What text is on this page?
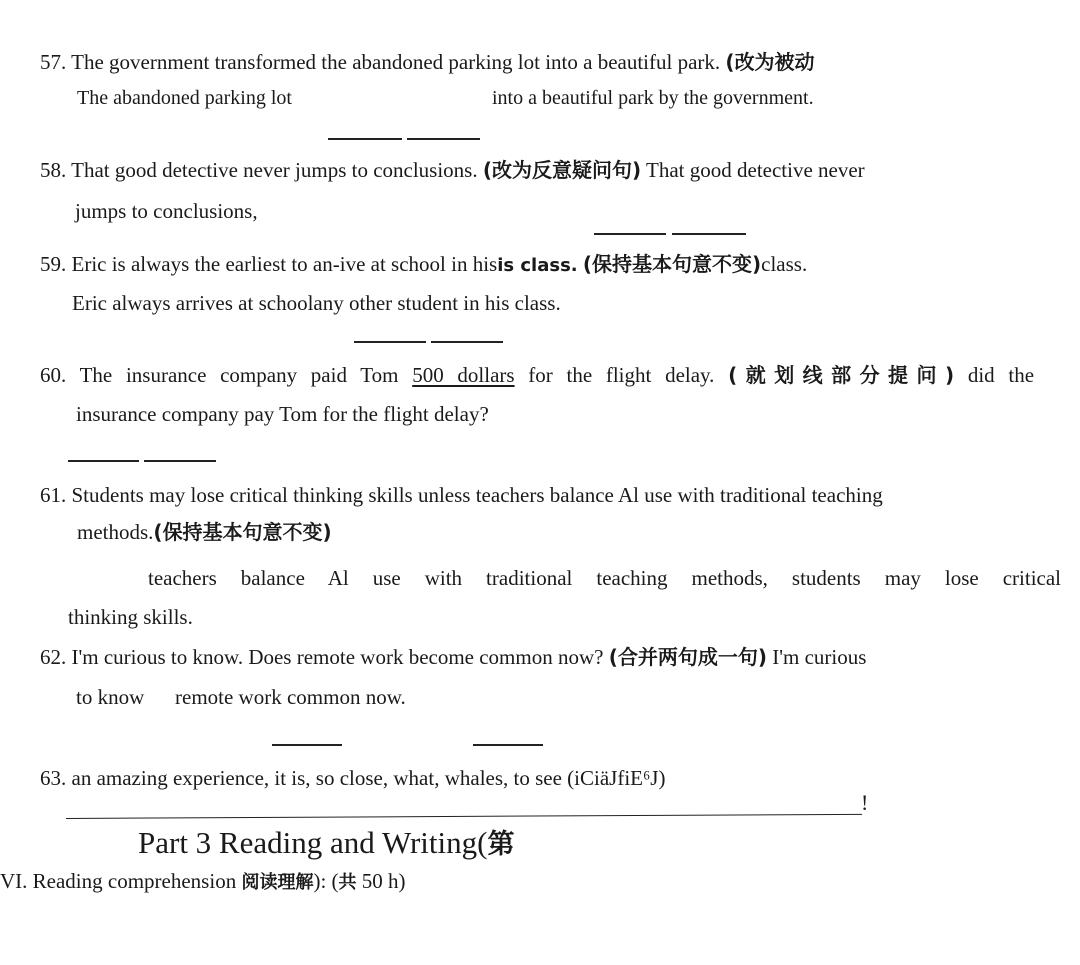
57. The government transformed the abandoned parking lot into a beautiful park. (改为被动
The abandoned parking lot	into a beautiful park by the government.
58. That good detective never jumps to conclusions. (改为反意疑问句) That good detective never
jumps to conclusions,
59. Eric is always the earliest to an-ive at school in hisis class. (保持基本句意不变)class.
Eric always arrives at schoolany other student in his class.
60. The insurance company paid Tom 500 dollars for the flight delay. (就划线部分提问) did the
insurance company pay Tom for the flight delay?
61. Students may lose critical thinking skills unless teachers balance Al use with traditional teaching
methods.(保持基本句意不变)
teachers balance Al use with traditional teaching methods, students may lose critical
thinking skills.
62. I'm curious to know. Does remote work become common now? (合并两句成一句) I'm curious
to know remote work common now.
63. an amazing experience, it is, so close, what, whales, to see (iCiäJfiE⁶J)
!
Part 3 Reading and Writing(第
VI. Reading comprehension 阅读理解): (共 50 h)
